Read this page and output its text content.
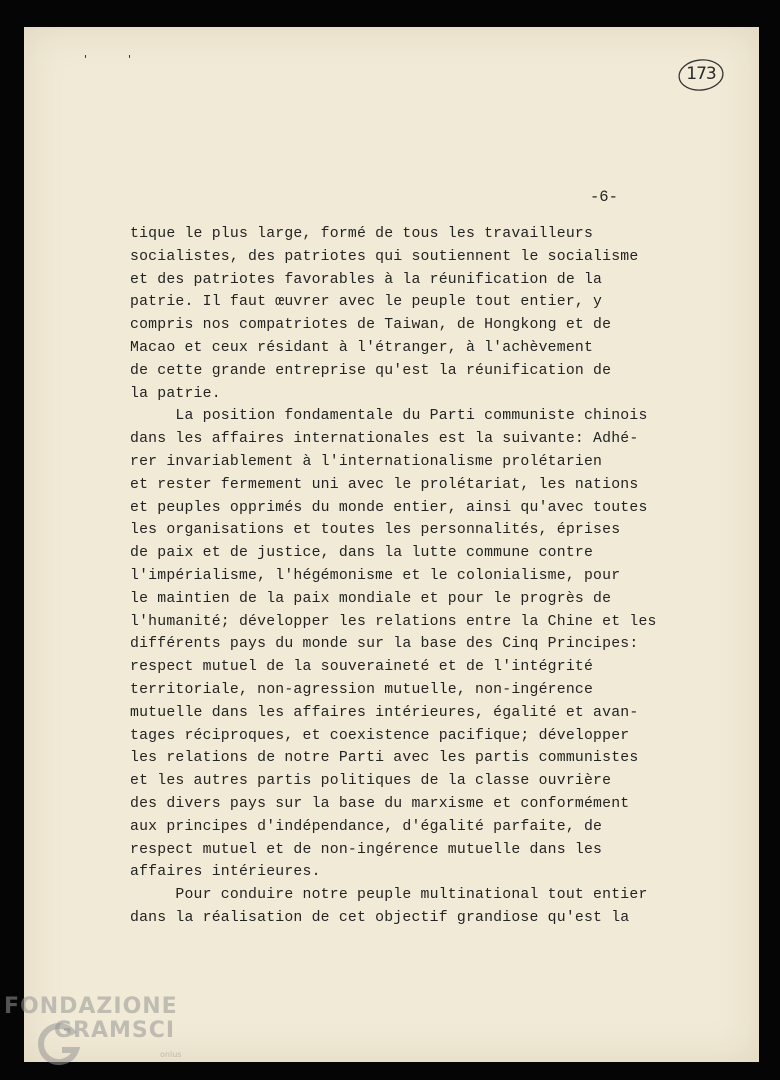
'	'
173
-6-
tique le plus large, formé de tous les travailleurs
socialistes, des patriotes qui soutiennent le socialisme
et des patriotes favorables à la réunification de la
patrie. Il faut œuvrer avec le peuple tout entier, y
compris nos compatriotes de Taiwan, de Hongkong et de
Macao et ceux résidant à l'étranger, à l'achèvement
de cette grande entreprise qu'est la réunification de
la patrie.
La position fondamentale du Parti communiste chinois
dans les affaires internationales est la suivante: Adhé-
rer invariablement à l'internationalisme prolétarien
et rester fermement uni avec le prolétariat, les nations
et peuples opprimés du monde entier, ainsi qu'avec toutes
les organisations et toutes les personnalités, éprises
de paix et de justice, dans la lutte commune contre
l'impérialisme, l'hégémonisme et le colonialisme, pour
le maintien de la paix mondiale et pour le progrès de
l'humanité; développer les relations entre la Chine et les
différents pays du monde sur la base des Cinq Principes:
respect mutuel de la souveraineté et de l'intégrité
territoriale, non-agression mutuelle, non-ingérence
mutuelle dans les affaires intérieures, égalité et avan-
tages réciproques, et coexistence pacifique; développer
les relations de notre Parti avec les partis communistes
et les autres partis politiques de la classe ouvrière
des divers pays sur la base du marxisme et conformément
aux principes d'indépendance, d'égalité parfaite, de
respect mutuel et de non-ingérence mutuelle dans les
affaires intérieures.
Pour conduire notre peuple multinational tout entier
dans la réalisation de cet objectif grandiose qu'est la
FONDAZIONE
GRAMSCI
onlus
